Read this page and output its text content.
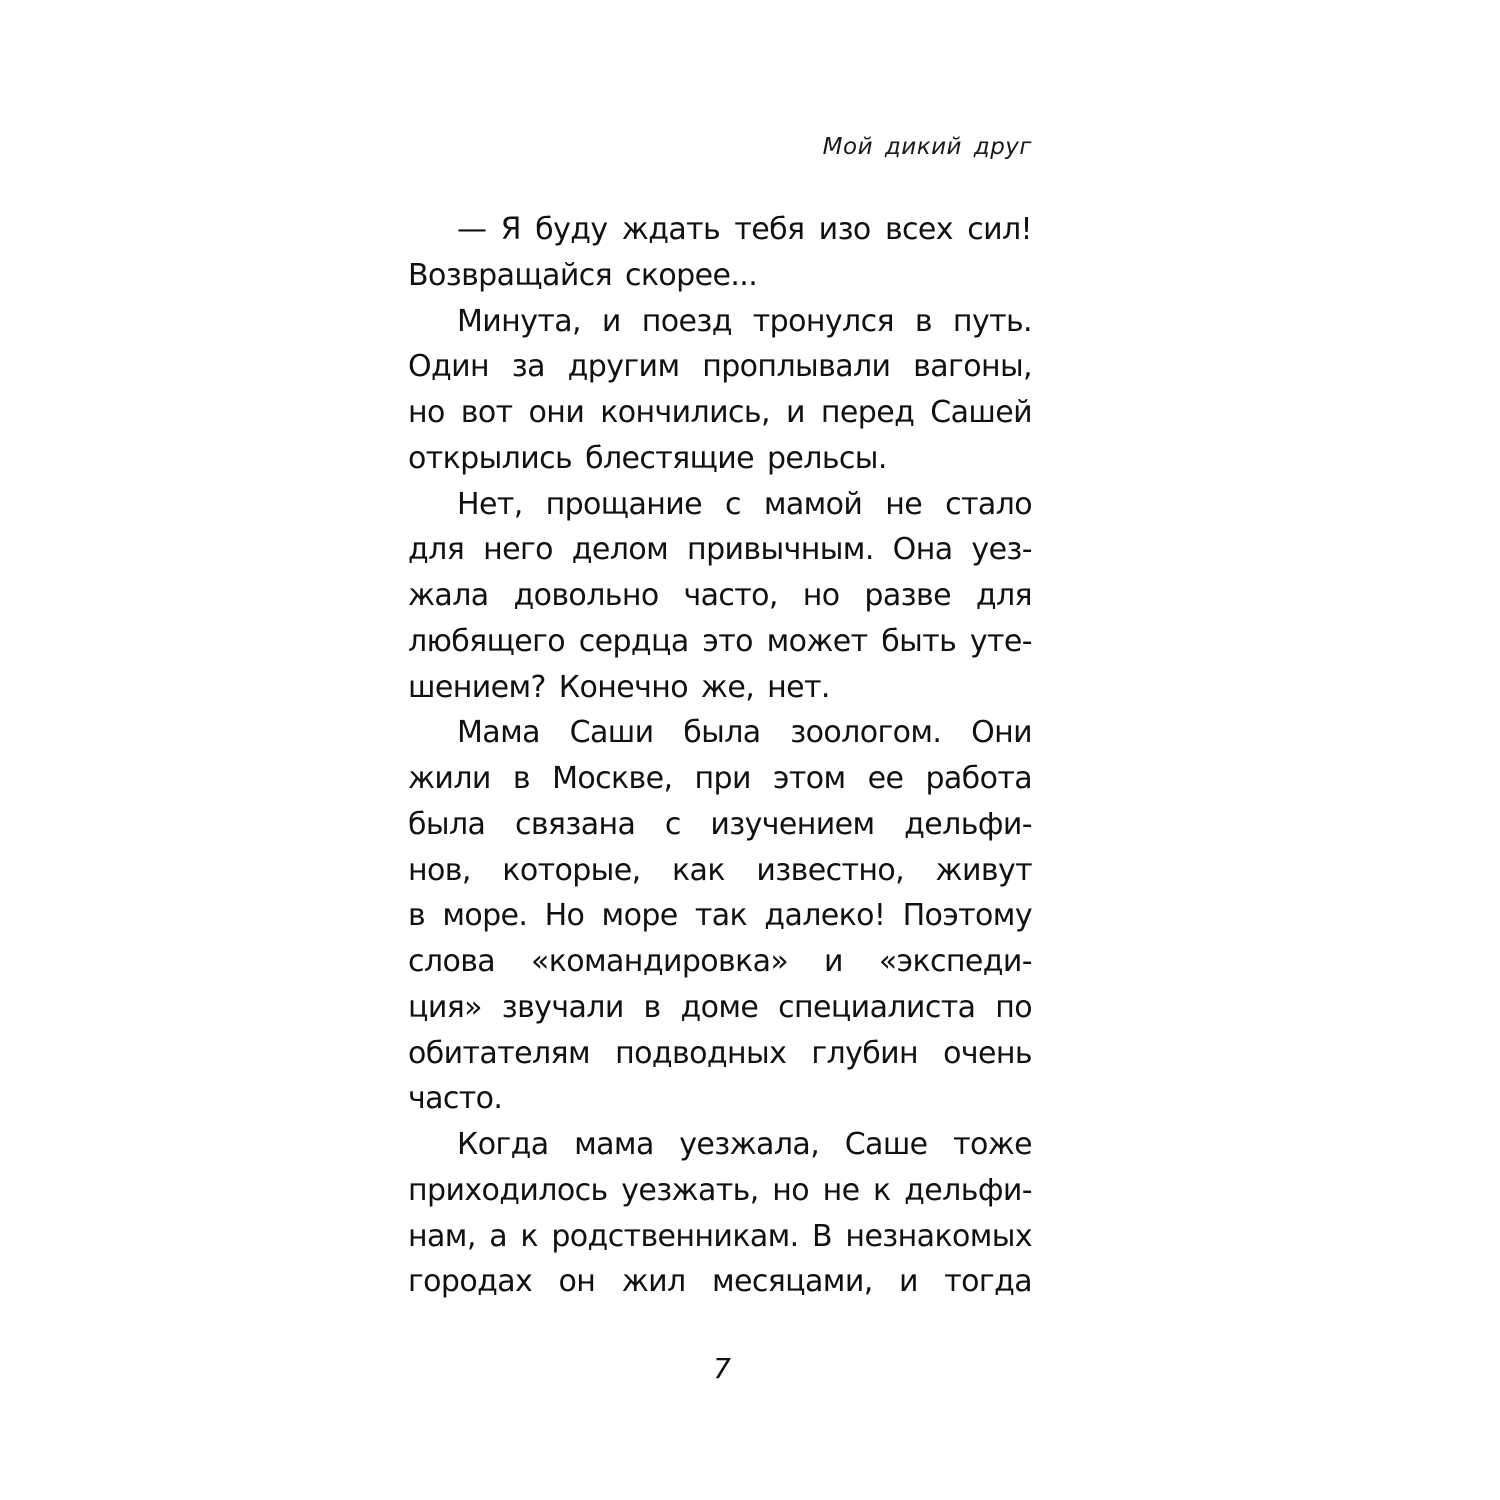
Мой дикий друг
— Я буду ждать тебя изо всех сил!
Возвращайся скорее...
Минута, и поезд тронулся в путь.
Один за другим проплывали вагоны,
но вот они кончились, и перед Сашей
открылись блестящие рельсы.
Нет, прощание с мамой не стало
для него делом привычным. Она уез-
жала довольно часто, но разве для
любящего сердца это может быть уте-
шением? Конечно же, нет.
Мама Саши была зоологом. Они
жили в Москве, при этом ее работа
была связана с изучением дельфи-
нов, которые, как известно, живут
в море. Но море так далеко! Поэтому
слова «командировка» и «экспеди-
ция» звучали в доме специалиста по
обитателям подводных глубин очень
часто.
Когда мама уезжала, Саше тоже
приходилось уезжать, но не к дельфи-
нам, а к родственникам. В незнакомых
городах он жил месяцами, и тогда
7
